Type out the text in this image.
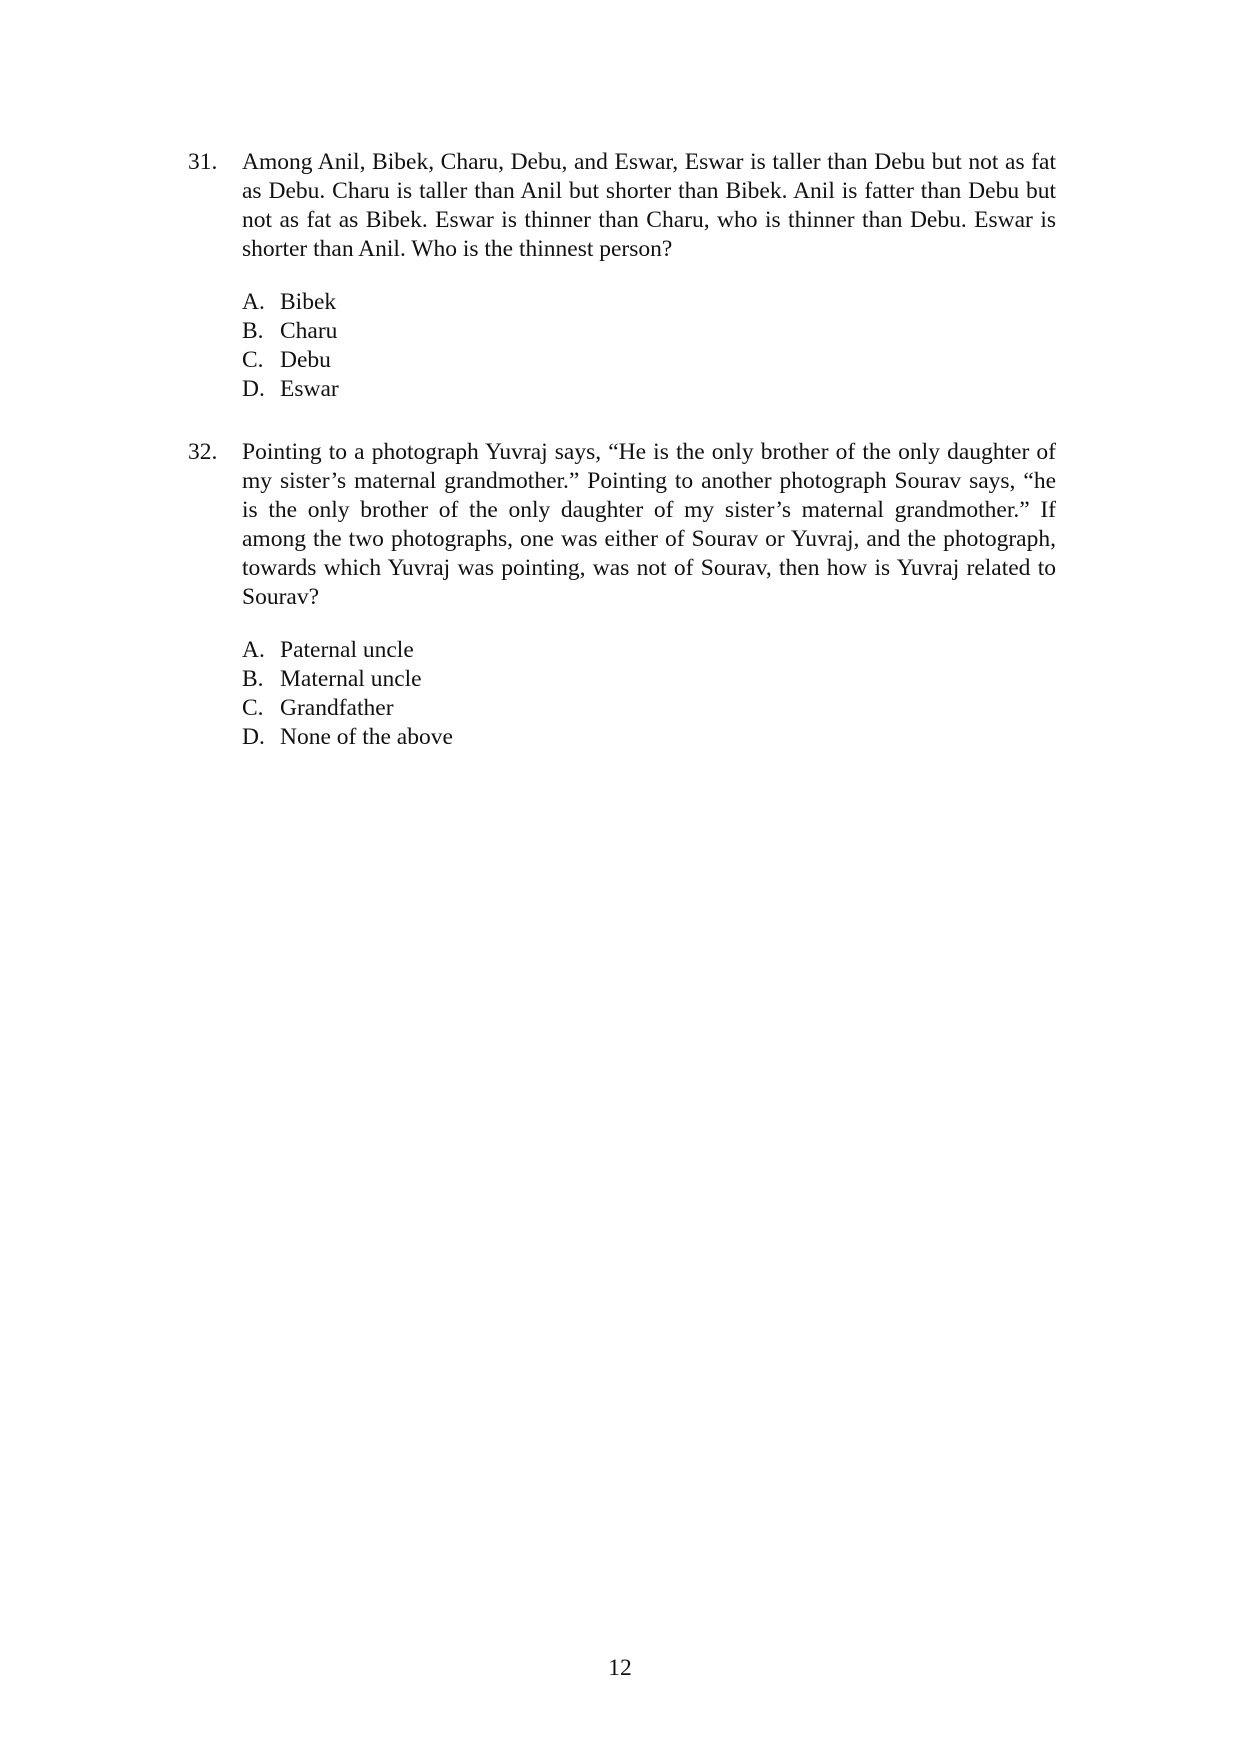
31.	Among Anil, Bibek, Charu, Debu, and Eswar, Eswar is taller than Debu but not as fat as Debu. Charu is taller than Anil but shorter than Bibek. Anil is fatter than Debu but not as fat as Bibek. Eswar is thinner than Charu, who is thinner than Debu. Eswar is shorter than Anil. Who is the thinnest person?
A. Bibek
B. Charu
C. Debu
D. Eswar
32.	Pointing to a photograph Yuvraj says, “He is the only brother of the only daughter of my sister’s maternal grandmother.” Pointing to another photograph Sourav says, “he is the only brother of the only daughter of my sister’s maternal grandmother.” If among the two photographs, one was either of Sourav or Yuvraj, and the photograph, towards which Yuvraj was pointing, was not of Sourav, then how is Yuvraj related to Sourav?
A. Paternal uncle
B. Maternal uncle
C. Grandfather
D. None of the above
12
